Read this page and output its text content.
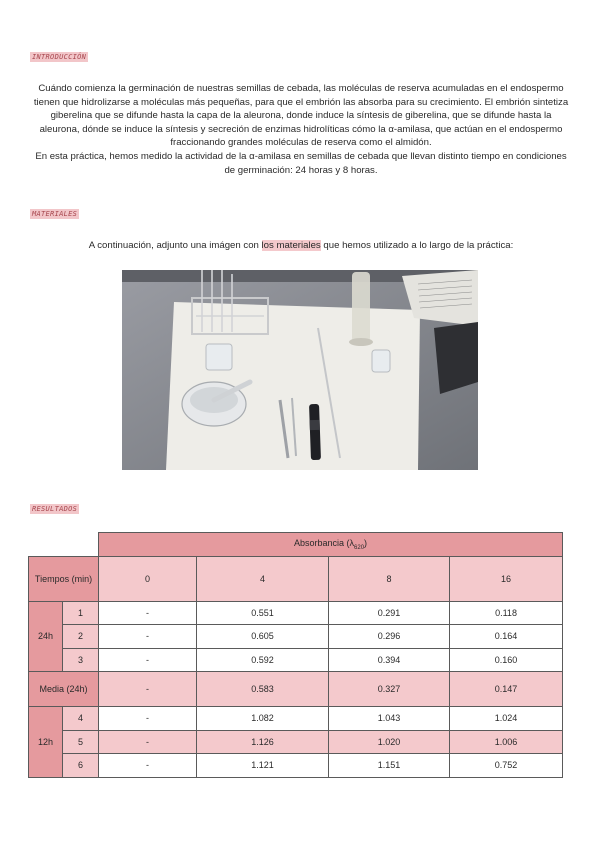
INTRODUCCIÓN

Cuándo comienza la germinación de nuestras semillas de cebada, las moléculas de reserva acumuladas en el endospermo tienen que hidrolizarse a moléculas más pequeñas, para que el embrión las absorba para su crecimiento. El embrión sintetiza giberelina que se difunde hasta la capa de la aleurona, donde induce la síntesis de giberelina, que se difunde hasta la aleurona, dónde se induce la síntesis y secreción de enzimas hidrolíticas cómo la α-amilasa, que actúan en el endospermo fraccionando grandes moléculas de reserva como el almidón.

En esta práctica, hemos medido la actividad de la α-amilasa en semillas de cebada que llevan distinto tiempo en condiciones de germinación: 24 horas y 8 horas.

MATERIALES
A continuación, adjunto una imágen con los materiales que hemos utilizado a lo largo de la práctica:
RESULTADOS
		Absorbancia $(\lambda_{620})$			
Tiempos (min)		0	4	8	16
24h	1	-	0.551	0.291	0.118
	2	-	0.605	0.296	0.164
	3	-	0.592	0.394	0.160
Media (24h)		-	0.583	0.327	0.147
12h	4	-	1.082	1.043	1.024
	5	-	1.126	1.020	1.006
	6	-	1.121	1.151	0.752
